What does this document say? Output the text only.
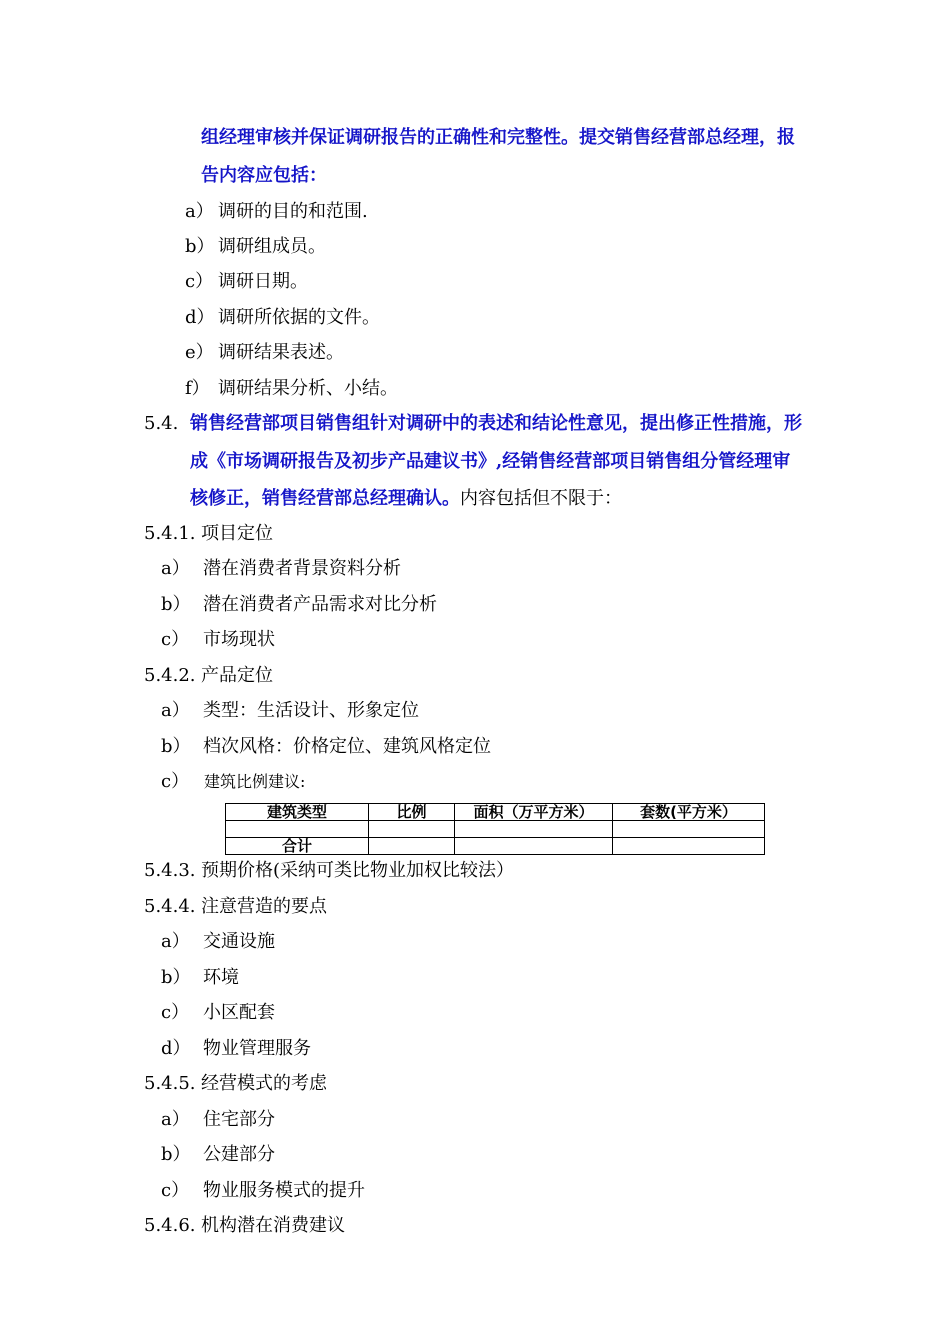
组经理审核并保证调研报告的正确性和完整性。提交销售经营部总经理，报
告内容应包括：
a） 调研的目的和范围.
b） 调研组成员。
c） 调研日期。
d） 调研所依据的文件。
e） 调研结果表述。
f） 调研结果分析、小结。
5.4. 销售经营部项目销售组针对调研中的表述和结论性意见，提出修正性措施，形
成《市场调研报告及初步产品建议书》,经销售经营部项目销售组分管经理审
核修正，销售经营部总经理确认。内容包括但不限于：
5.4.1. 项目定位
a） 潜在消费者背景资料分析
b） 潜在消费者产品需求对比分析
c） 市场现状
5.4.2. 产品定位
a） 类型：生活设计、形象定位
b） 档次风格：价格定位、建筑风格定位
c） 建筑比例建议:
建筑类型	比例	面积（万平方米）	套数(平方米）

合计			
5.4.3. 预期价格(采纳可类比物业加权比较法）
5.4.4. 注意营造的要点
a） 交通设施
b） 环境
c） 小区配套
d） 物业管理服务
5.4.5. 经营模式的考虑
a） 住宅部分
b） 公建部分
c） 物业服务模式的提升
5.4.6. 机构潜在消费建议
